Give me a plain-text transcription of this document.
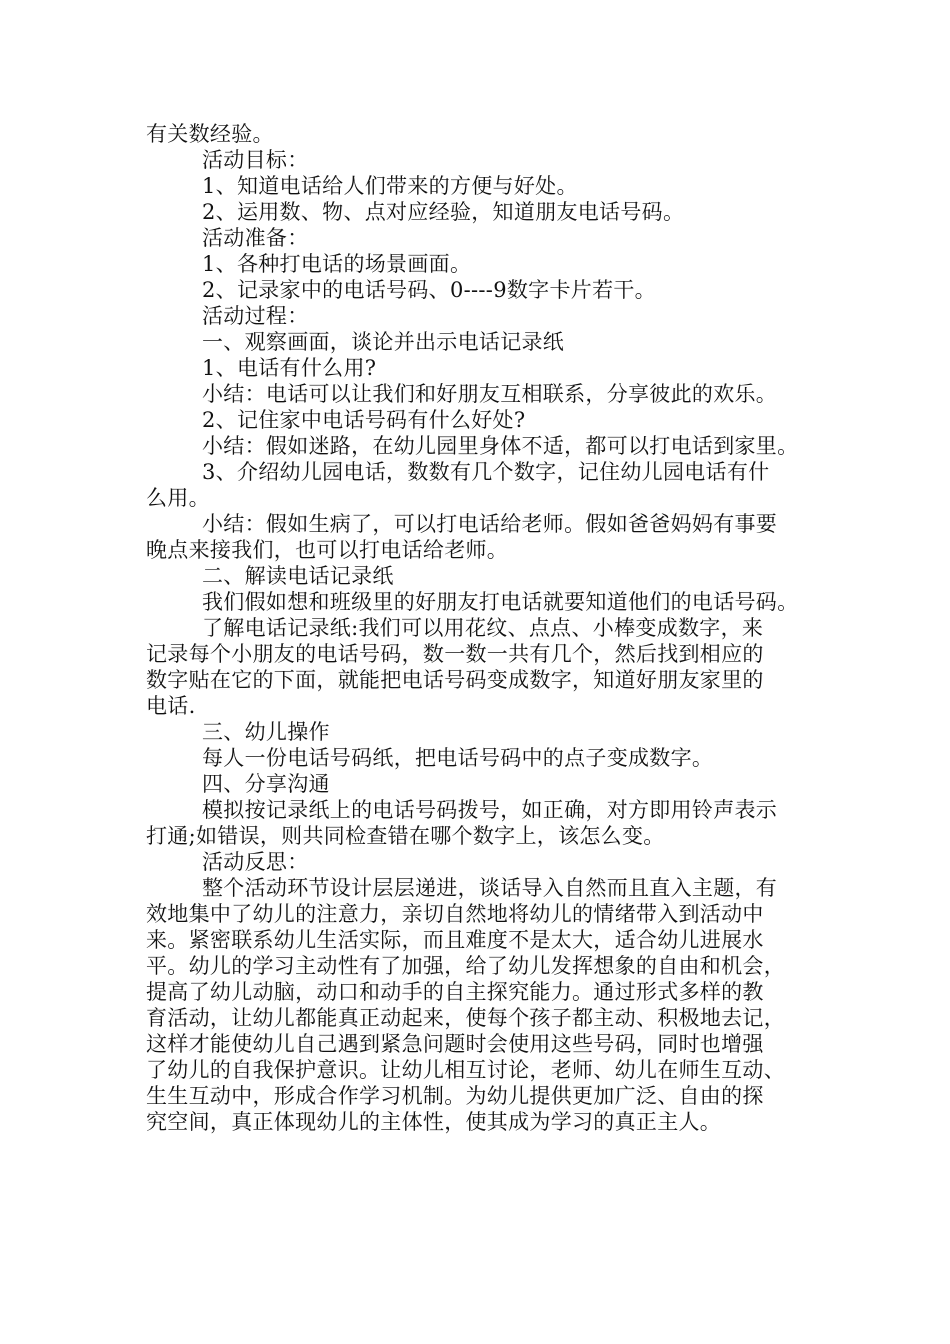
有关数经验。
活动目标：
1、知道电话给人们带来的方便与好处。
2、运用数、物、点对应经验，知道朋友电话号码。
活动准备：
1、各种打电话的场景画面。
2、记录家中的电话号码、0----9数字卡片若干。
活动过程：
一、观察画面，谈论并出示电话记录纸
1、电话有什么用?
小结：电话可以让我们和好朋友互相联系，分享彼此的欢乐。
2、记住家中电话号码有什么好处?
小结：假如迷路，在幼儿园里身体不适，都可以打电话到家里。
3、介绍幼儿园电话，数数有几个数字，记住幼儿园电话有什
么用。
小结：假如生病了，可以打电话给老师。假如爸爸妈妈有事要
晚点来接我们，也可以打电话给老师。
二、解读电话记录纸
我们假如想和班级里的好朋友打电话就要知道他们的电话号码。
了解电话记录纸:我们可以用花纹、点点、小棒变成数字，来
记录每个小朋友的电话号码，数一数一共有几个，然后找到相应的
数字贴在它的下面，就能把电话号码变成数字，知道好朋友家里的
电话.
三、幼儿操作
每人一份电话号码纸，把电话号码中的点子变成数字。
四、分享沟通
模拟按记录纸上的电话号码拨号，如正确，对方即用铃声表示
打通;如错误，则共同检查错在哪个数字上，该怎么变。
活动反思：
整个活动环节设计层层递进，谈话导入自然而且直入主题，有
效地集中了幼儿的注意力，亲切自然地将幼儿的情绪带入到活动中
来。紧密联系幼儿生活实际，而且难度不是太大，适合幼儿进展水
平。幼儿的学习主动性有了加强，给了幼儿发挥想象的自由和机会，
提高了幼儿动脑，动口和动手的自主探究能力。通过形式多样的教
育活动，让幼儿都能真正动起来，使每个孩子都主动、积极地去记，
这样才能使幼儿自己遇到紧急问题时会使用这些号码，同时也增强
了幼儿的自我保护意识。让幼儿相互讨论，老师、幼儿在师生互动、
生生互动中，形成合作学习机制。为幼儿提供更加广泛、自由的探
究空间，真正体现幼儿的主体性，使其成为学习的真正主人。
